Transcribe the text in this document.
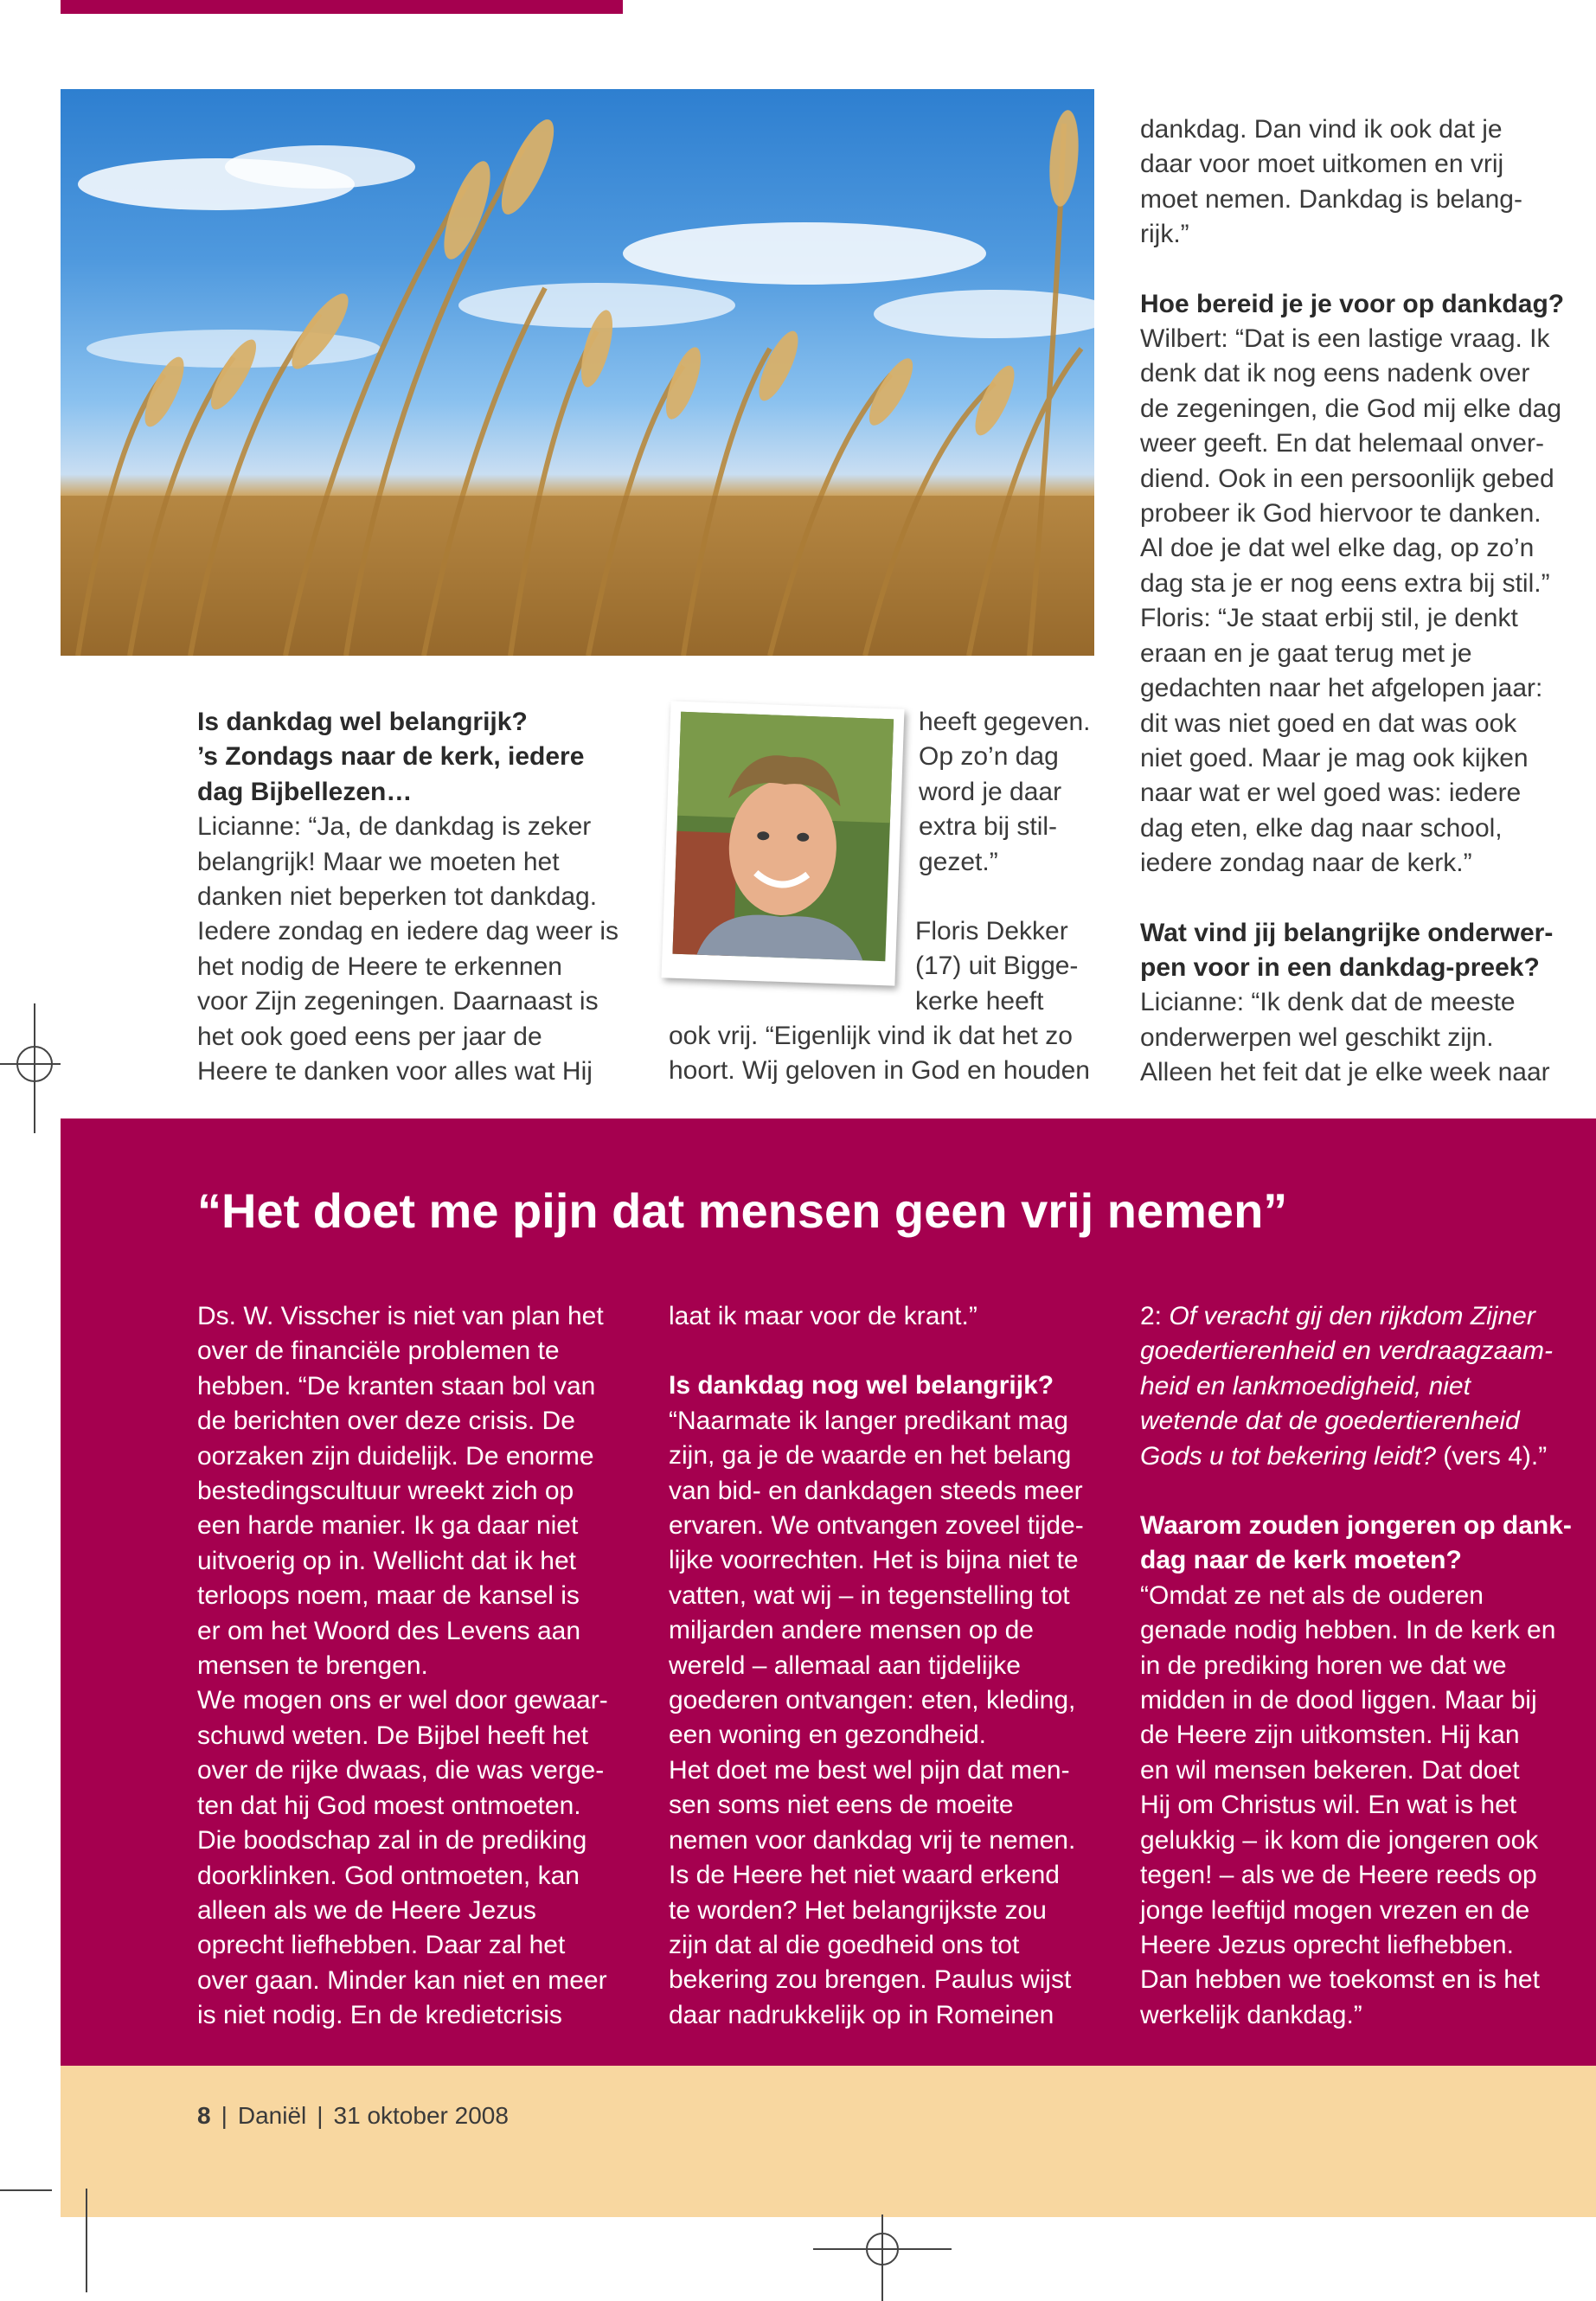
Is dankdag wel belangrijk?

’s Zondags naar de kerk, iedere

dag Bijbellezen…

Licianne: “Ja, de dankdag is zeker

belangrijk! Maar we moeten het

danken niet beperken tot dankdag.

Iedere zondag en iedere dag weer is

het nodig de Heere te erkennen

voor Zijn zegeningen. Daarnaast is

het ook goed eens per jaar de

Heere te danken voor alles wat Hij

heeft gegeven.

Op zo’n dag

word je daar

extra bij stil-

gezet.”

Floris Dekker

(17) uit Bigge-

kerke heeft

ook vrij. “Eigenlijk vind ik dat het zo

hoort. Wij geloven in God en houden

dankdag. Dan vind ik ook dat je

daar voor moet uitkomen en vrij

moet nemen. Dankdag is belang-

rijk.”

Hoe bereid je je voor op dankdag?

Wilbert: “Dat is een lastige vraag. Ik

denk dat ik nog eens nadenk over

de zegeningen, die God mij elke dag

weer geeft. En dat helemaal onver-

diend. Ook in een persoonlijk gebed

probeer ik God hiervoor te danken.

Al doe je dat wel elke dag, op zo’n

dag sta je er nog eens extra bij stil.”

Floris: “Je staat erbij stil, je denkt

eraan en je gaat terug met je

gedachten naar het afgelopen jaar:

dit was niet goed en dat was ook

niet goed. Maar je mag ook kijken

naar wat er wel goed was: iedere

dag eten, elke dag naar school,

iedere zondag naar de kerk.”

Wat vind jij belangrijke onderwer-

pen voor in een dankdag-preek?

Licianne: “Ik denk dat de meeste

onderwerpen wel geschikt zijn.

Alleen het feit dat je elke week naar

“Het doet me pijn dat mensen geen vrij nemen”

Ds. W. Visscher is niet van plan het

over de financiële problemen te

hebben. “De kranten staan bol van

de berichten over deze crisis. De

oorzaken zijn duidelijk. De enorme

bestedingscultuur wreekt zich op

een harde manier. Ik ga daar niet

uitvoerig op in. Wellicht dat ik het

terloops noem, maar de kansel is

er om het Woord des Levens aan

mensen te brengen.

We mogen ons er wel door gewaar-

schuwd weten. De Bijbel heeft het

over de rijke dwaas, die was verge-

ten dat hij God moest ontmoeten.

Die boodschap zal in de prediking

doorklinken. God ontmoeten, kan

alleen als we de Heere Jezus

oprecht liefhebben. Daar zal het

over gaan. Minder kan niet en meer

is niet nodig. En de kredietcrisis

laat ik maar voor de krant.”

Is dankdag nog wel belangrijk?

“Naarmate ik langer predikant mag

zijn, ga je de waarde en het belang

van bid- en dankdagen steeds meer

ervaren. We ontvangen zoveel tijde-

lijke voorrechten. Het is bijna niet te

vatten, wat wij – in tegenstelling tot

miljarden andere mensen op de

wereld – allemaal aan tijdelijke

goederen ontvangen: eten, kleding,

een woning en gezondheid.

Het doet me best wel pijn dat men-

sen soms niet eens de moeite

nemen voor dankdag vrij te nemen.

Is de Heere het niet waard erkend

te worden? Het belangrijkste zou

zijn dat al die goedheid ons tot

bekering zou brengen. Paulus wijst

daar nadrukkelijk op in Romeinen

2: Of veracht gij den rijkdom Zijner

goedertierenheid en verdraagzaam-

heid en lankmoedigheid, niet

wetende dat de goedertierenheid

Gods u tot bekering leidt? (vers 4).”

Waarom zouden jongeren op dank-

dag naar de kerk moeten?

“Omdat ze net als de ouderen

genade nodig hebben. In de kerk en

in de prediking horen we dat we

midden in de dood liggen. Maar bij

de Heere zijn uitkomsten. Hij kan

en wil mensen bekeren. Dat doet

Hij om Christus wil. En wat is het

gelukkig – ik kom die jongeren ook

tegen! – als we de Heere reeds op

jonge leeftijd mogen vrezen en de

Heere Jezus oprecht liefhebben.

Dan hebben we toekomst en is het

werkelijk dankdag.”

8 | Daniël | 31 oktober 2008
